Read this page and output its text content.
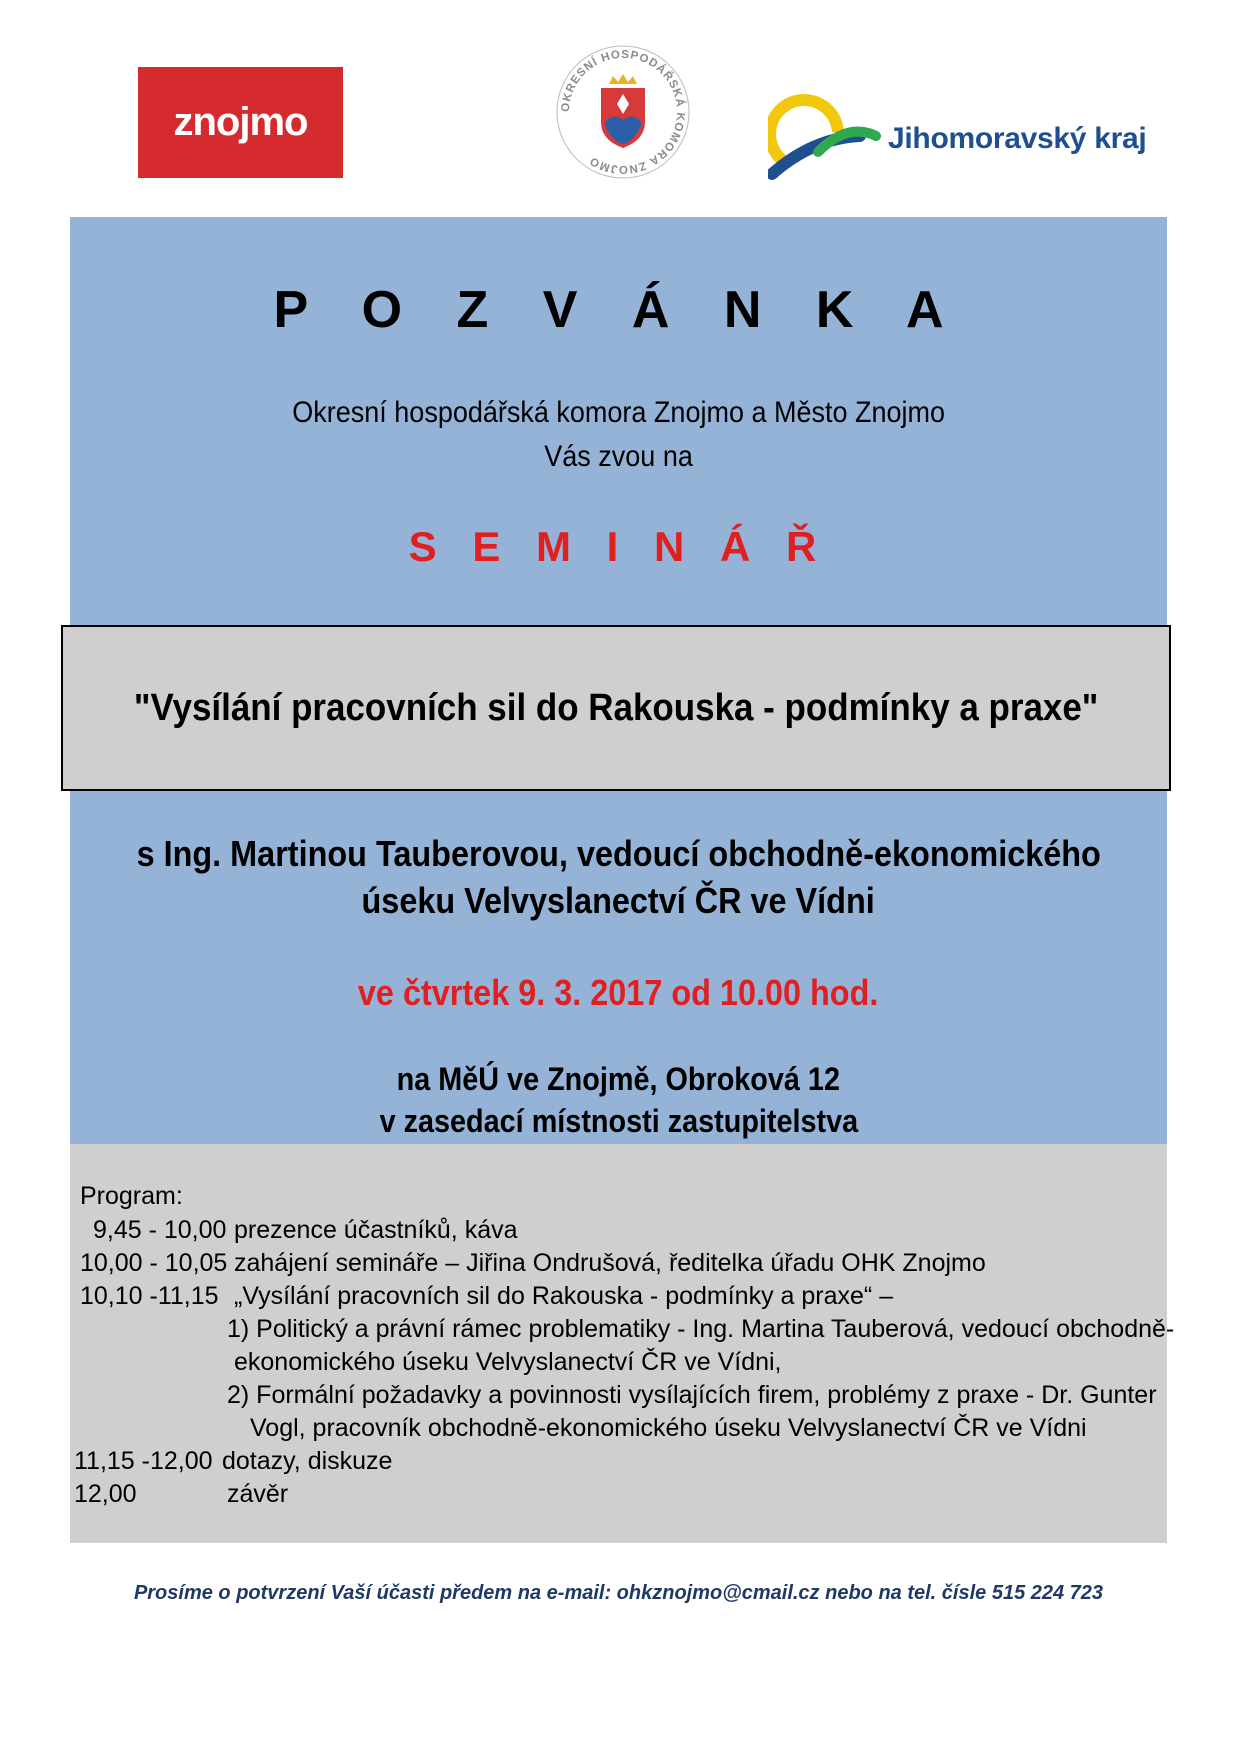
znojmo	OKRESNÍ HOSPODÁŘSKÁ KOMORA ZNOJMO
Jihomoravský kraj
P O Z V Á N K A
Okresní hospodářská komora Znojmo a Město Znojmo
Vás zvou na
S E M I N Á Ř
"Vysílání pracovních sil do Rakouska - podmínky a praxe"
s Ing. Martinou Tauberovou, vedoucí obchodně-ekonomického
úseku Velvyslanectví ČR ve Vídni
ve čtvrtek 9. 3. 2017 od 10.00 hod.
na MěÚ ve Znojmě, Obroková 12
v zasedací místnosti zastupitelstva
Program:
9,45 - 10,00 prezence účastníků, káva
10,00 - 10,05 zahájení semináře – Jiřina Ondrušová, ředitelka úřadu OHK Znojmo
10,10 -11,15 „Vysílání pracovních sil do Rakouska - podmínky a praxe“ –
1) Politický a právní rámec problematiky - Ing. Martina Tauberová, vedoucí obchodně-
ekonomického úseku Velvyslanectví ČR ve Vídni,
2) Formální požadavky a povinnosti vysílajících firem, problémy z praxe - Dr. Gunter
Vogl, pracovník obchodně-ekonomického úseku Velvyslanectví ČR ve Vídni
11,15 -12,00 dotazy, diskuze
12,00	závěr
Prosíme o potvrzení Vaší účasti předem na e-mail: ohkznojmo@cmail.cz nebo na tel. čísle 515 224 723
